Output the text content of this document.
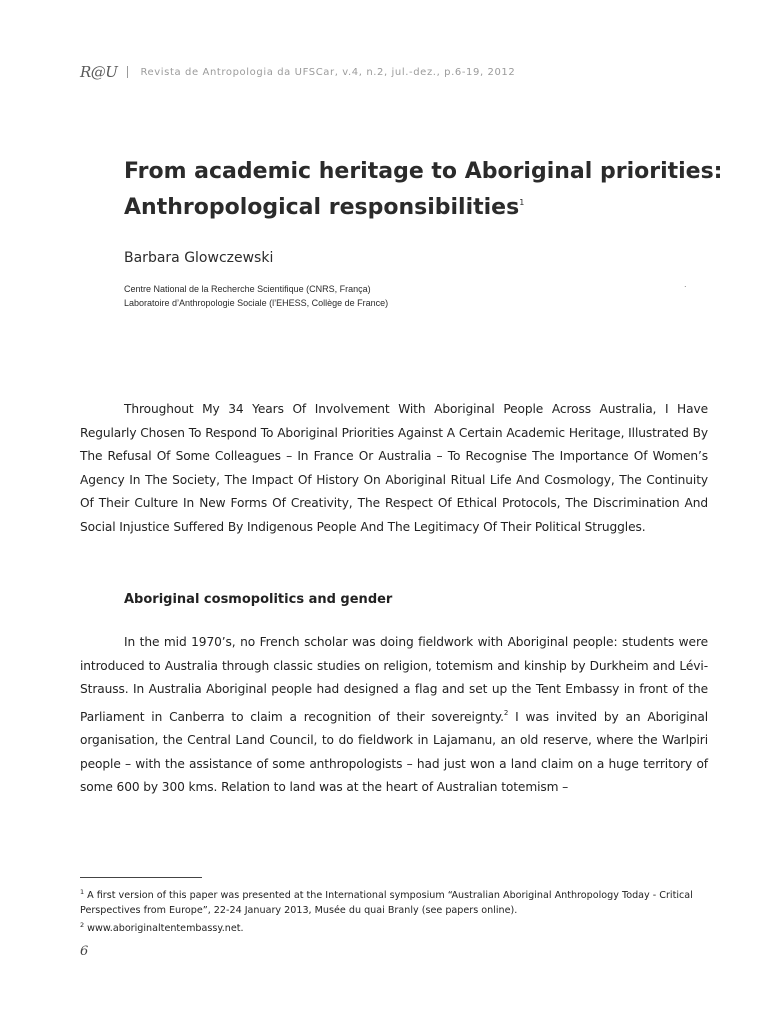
R@U Revista de Antropologia da UFSCar, v.4, n.2, jul.-dez., p.6-19, 2012
From academic heritage to Aboriginal priorities: Anthropological responsibilities$^1$

Barbara Glowczewski

Centre National de la Recherche Scientifique (CNRS, França)

Laboratoire d’Anthropologie Sociale (l’EHESS, Collège de France)

.

Throughout My 34 Years Of Involvement With Aboriginal People Across Australia, I Have Regularly Chosen To Respond To Aboriginal Priorities Against A Certain Academic Heritage, Illustrated By The Refusal Of Some Colleagues – In France Or Australia – To Recognise The Importance Of Women’s Agency In The Society, The Impact Of History On Aboriginal Ritual Life And Cosmology, The Continuity Of Their Culture In New Forms Of Creativity, The Respect Of Ethical Protocols, The Discrimination And Social Injustice Suffered By Indigenous People And The Legitimacy Of Their Political Struggles.

Aboriginal cosmopolitics and gender

In the mid 1970’s, no French scholar was doing fieldwork with Aboriginal people: students were introduced to Australia through classic studies on religion, totemism and kinship by Durkheim and Lévi-Strauss. In Australia Aboriginal people had designed a flag and set up the Tent Embassy in front of the Parliament in Canberra to claim a recognition of their sovereignty.$^2$ I was invited by an Aboriginal organisation, the Central Land Council, to do fieldwork in Lajamanu, an old reserve, where the Warlpiri people – with the assistance of some anthropologists – had just won a land claim on a huge territory of some 600 by 300 kms. Relation to land was at the heart of Australian totemism –

$^1$ A first version of this paper was presented at the International symposium “Australian Aboriginal Anthropology Today - Critical Perspectives from Europe”, 22-24 January 2013, Musée du quai Branly (see papers online).

$^2$ www.aboriginaltentembassy.net.

6
